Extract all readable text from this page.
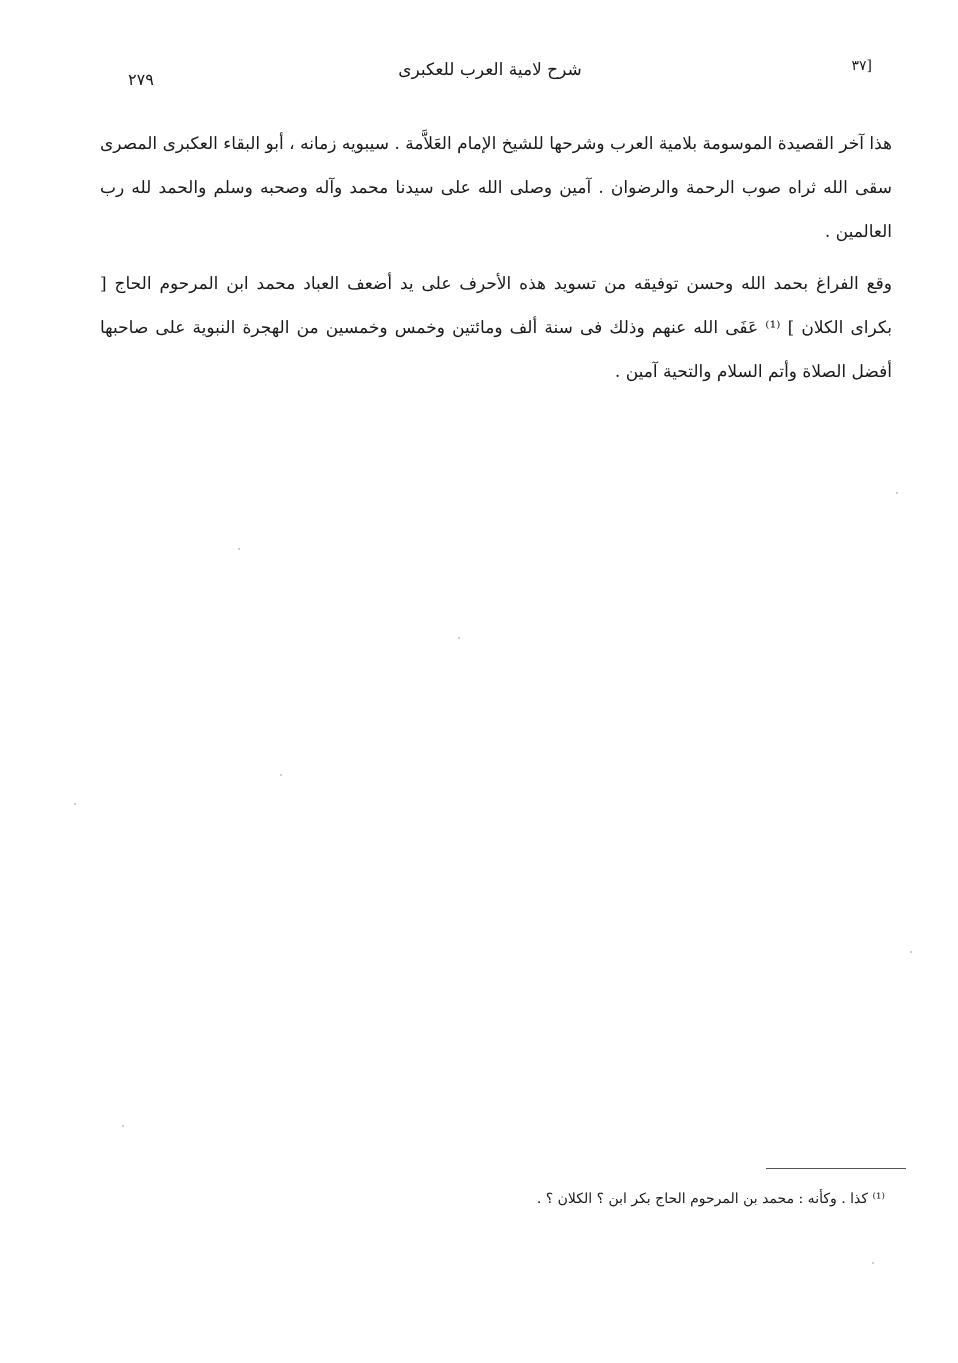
[٣٧
شرح لامية العرب للعكبرى
٢٧٩

هذا آخر القصيدة الموسومة بلامية العرب وشرحها للشيخ الإمام العَلاَّمة . سيبويه زمانه ، أبو البقاء العكبرى المصرى سقى الله ثراه صوب الرحمة والرضوان . آمين وصلى الله على سيدنا محمد وآله وصحبه وسلم والحمد لله رب العالمين .

وقع الفراغ بحمد الله وحسن توفيقه من تسويد هذه الأحرف على يد أضعف العباد محمد ابن المرحوم الحاج [ بكراى الكلان ] ⁽¹⁾ عَفَى الله عنهم وذلك فى سنة ألف ومائتين وخمس وخمسين من الهجرة النبوية على صاحبها أفضل الصلاة وأتم السلام والتحية آمين .

⁽¹⁾ كذا . وكأنه : محمد بن المرحوم الحاج بكر ابن ؟ الكلان ؟ .
